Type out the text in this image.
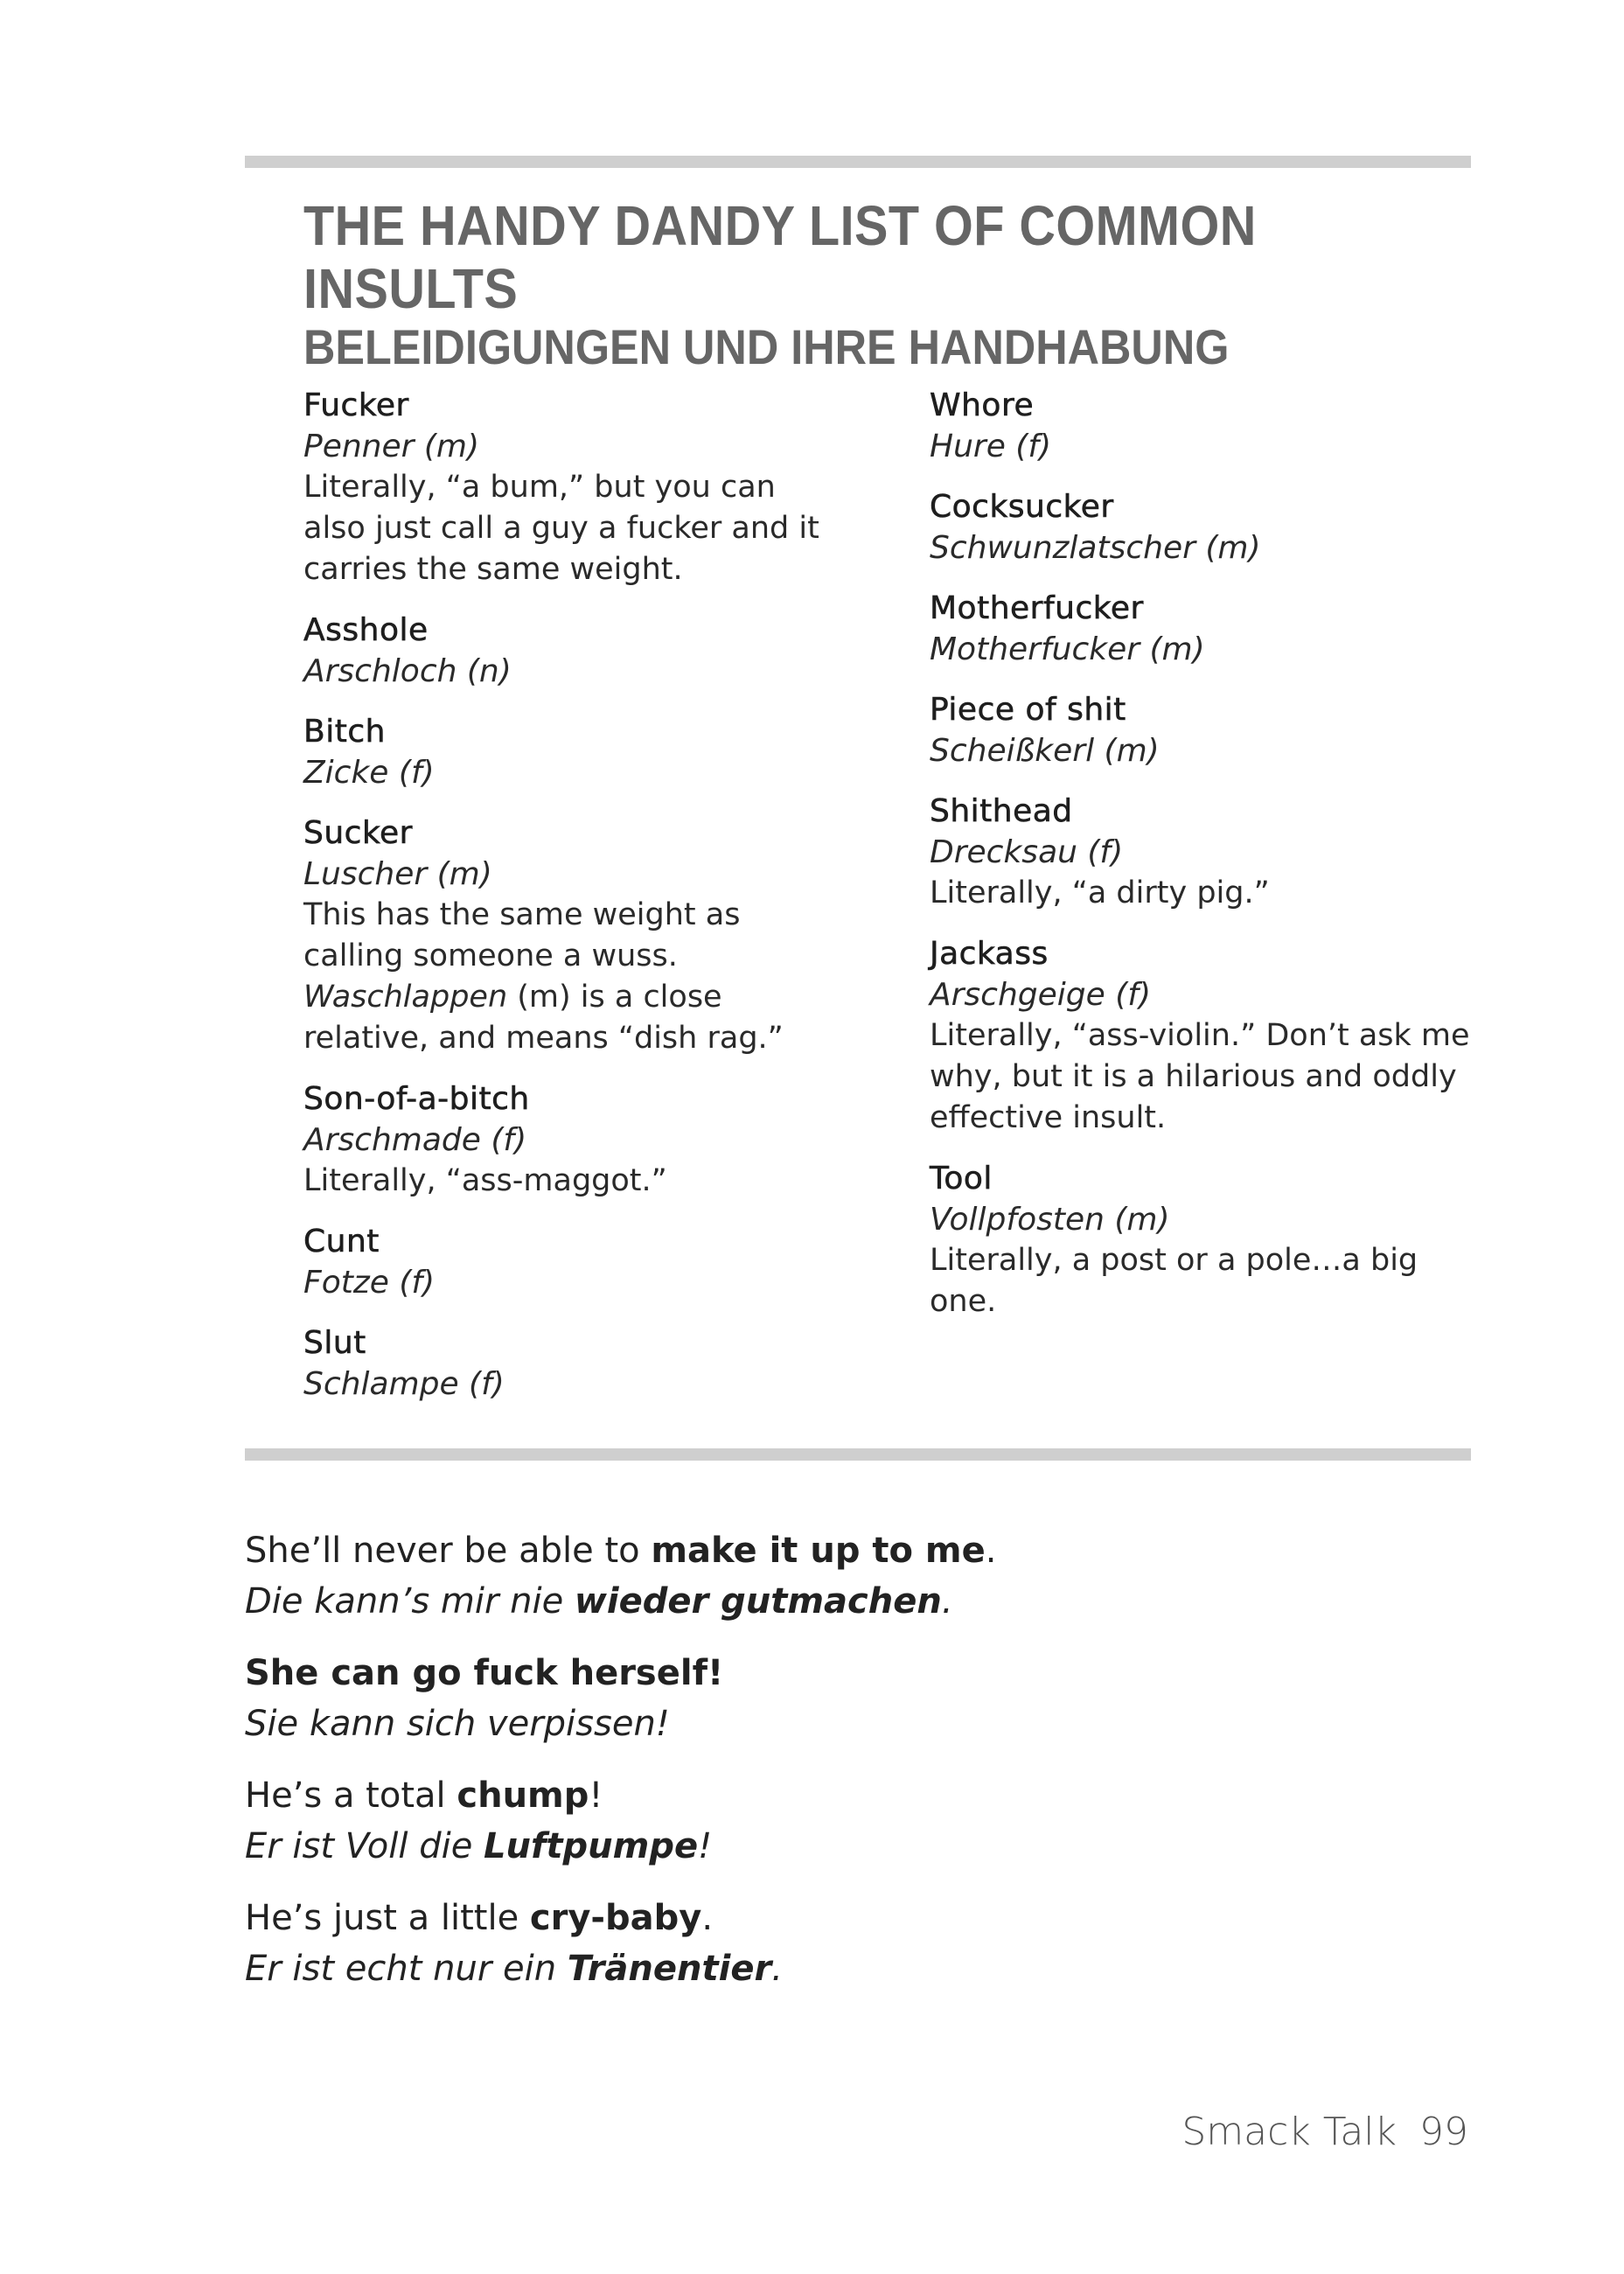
THE HANDY DANDY LIST OF COMMON INSULTS
BELEIDIGUNGEN UND IHRE HANDHABUNG
Fucker
Penner (m)
Literally, “a bum,” but you can also just call a guy a fucker and it carries the same weight.
Asshole
Arschloch (n)
Bitch
Zicke (f)
Sucker
Luscher (m)
This has the same weight as calling someone a wuss.
Waschlappen (m) is a close relative, and means “dish rag.”
Son-of-a-bitch
Arschmade (f)
Literally, “ass-maggot.”
Cunt
Fotze (f)
Slut
Schlampe (f)
Whore
Hure (f)
Cocksucker
Schwunzlatscher (m)
Motherfucker
Motherfucker (m)
Piece of shit
Scheißkerl (m)
Shithead
Drecksau (f)
Literally, “a dirty pig.”
Jackass
Arschgeige (f)
Literally, “ass-violin.” Don’t ask me why, but it is a hilarious and oddly effective insult.
Tool
Vollpfosten (m)
Literally, a post or a pole…a big one.
She’ll never be able to make it up to me.
Die kann’s mir nie wieder gutmachen.
She can go fuck herself!
Sie kann sich verpissen!
He’s a total chump!
Er ist Voll die Luftpumpe!
He’s just a little cry-baby.
Er ist echt nur ein Tränentier.
Smack Talk 99
